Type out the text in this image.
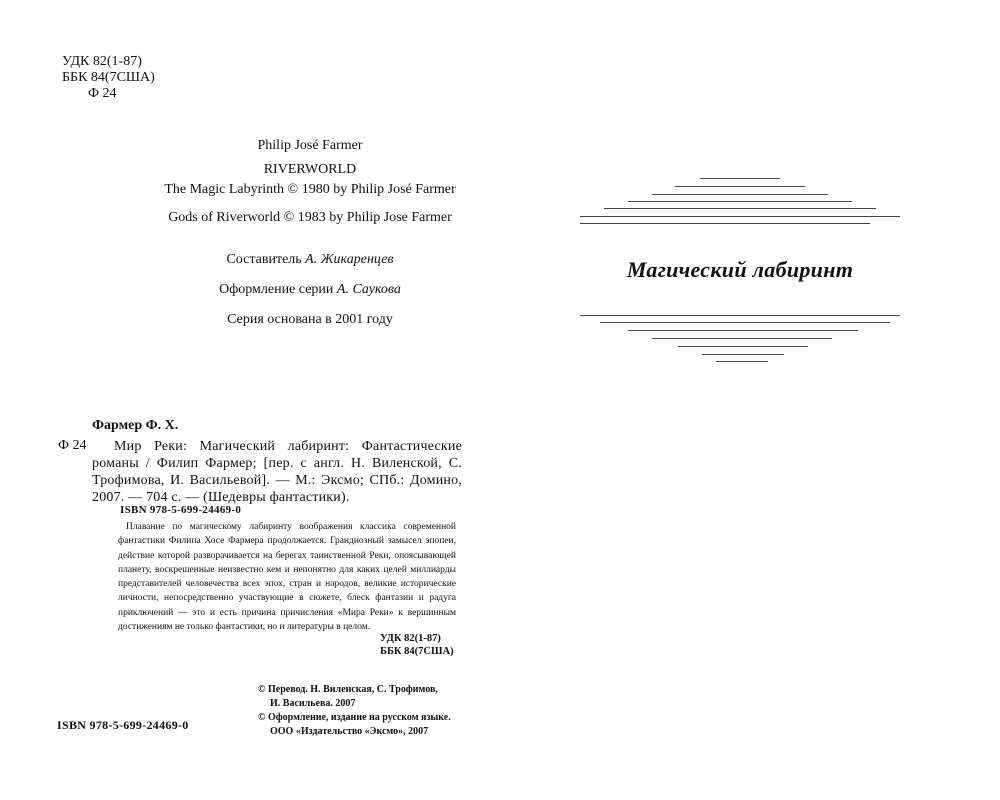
УДК 82(1-87)
ББК 84(7США)
Ф 24
Philip José Farmer
RIVERWORLD
The Magic Labyrinth © 1980 by Philip José Farmer
Gods of Riverworld © 1983 by Philip Jose Farmer
Составитель А. Жикаренцев
Оформление серии А. Саукова
Серия основана в 2001 году
Магический лабиринт
Фармер Ф. Х.
Ф 24	Мир Реки: Магический лабиринт: Фантастические романы / Филип Фармер; [пер. с англ. Н. Виленской, С. Трофимова, И. Васильевой]. — М.: Эксмо; СПб.: Домино, 2007. — 704 с. — (Шедевры фантастики).

ISBN 978-5-699-24469-0

Плавание по магическому лабиринту воображения классика современной фантастики Филипа Хосе Фармера продолжается. Грандиозный замысел эпопеи, действие которой разворачивается на берегах таинственной Реки, опоясывающей планету, воскрешенные неизвестно кем и непонятно для каких целей миллиарды представителей человечества всех эпох, стран и народов, великие исторические личности, непосредственно участвующие в сюжете, блеск фантазии и радуга приключений — это и есть причина причисления «Мира Реки» к вершинным достижениям не только фантастики, но и литературы в целом.

УДК 82(1-87)
ББК 84(7США)
© Перевод. Н. Виленская, С. Трофимов,
И. Васильева. 2007
© Оформление, издание на русском языке.
ООО «Издательство «Эксмо», 2007
ISBN 978-5-699-24469-0
